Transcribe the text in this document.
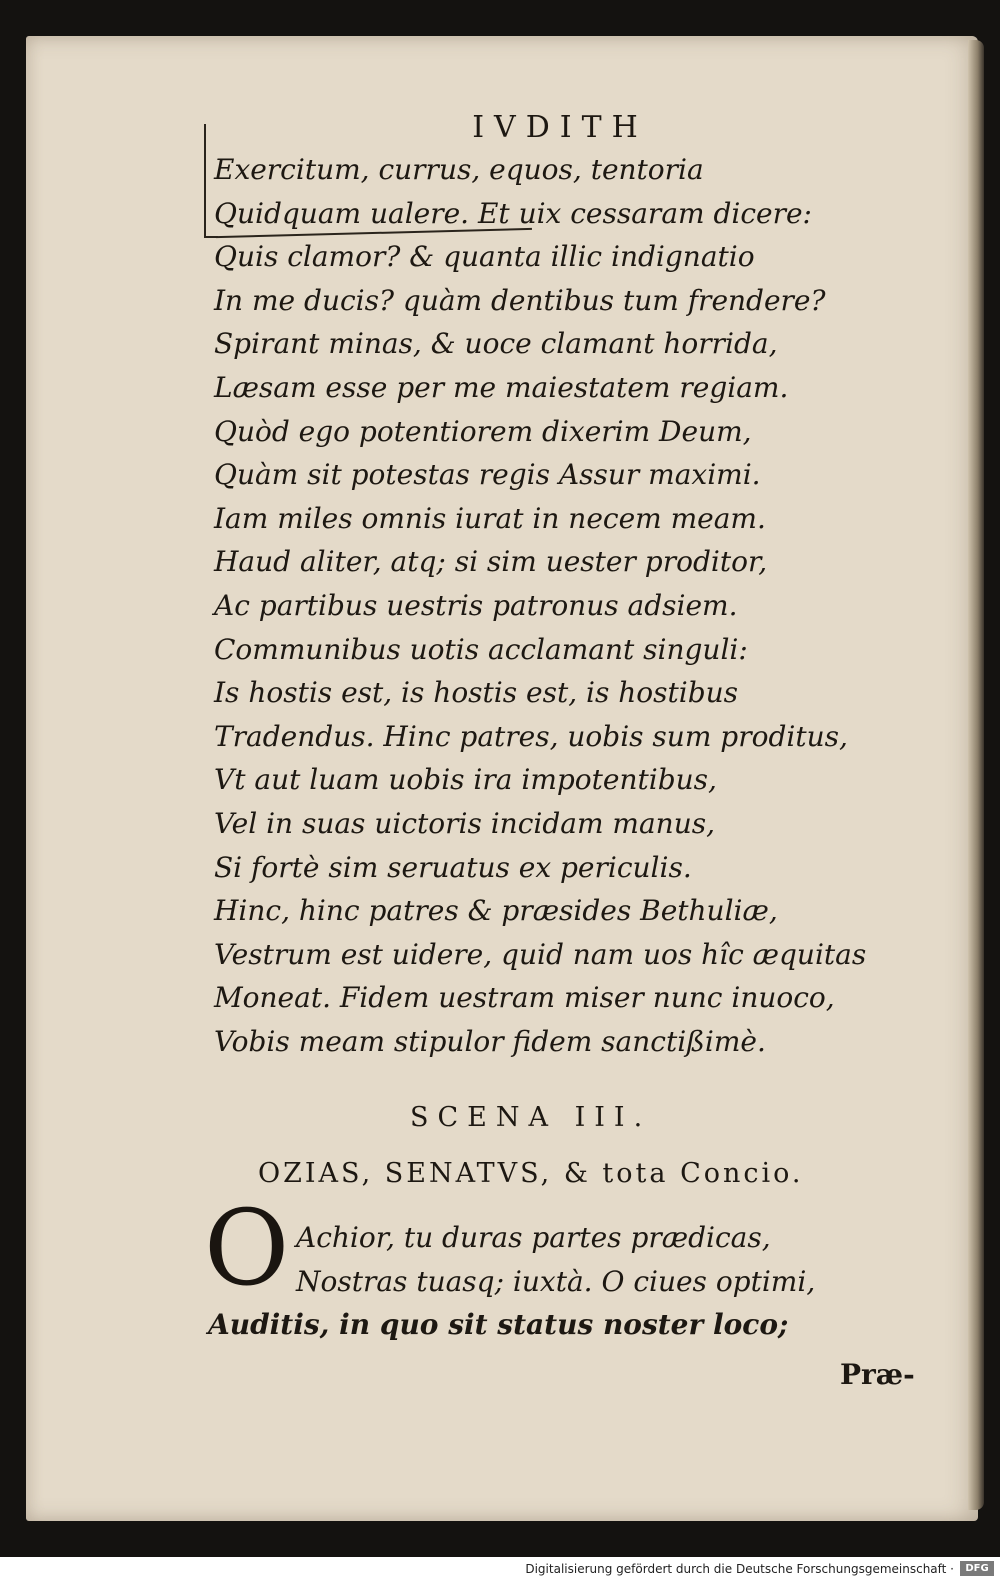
IVDITH
Exercitum, currus, equos, tentoria
Quidquam ualere. Et uix cessaram dicere:
Quis clamor? & quanta illic indignatio
In me ducis? quàm dentibus tum frendere?
Spirant minas, & uoce clamant horrida,
Læsam esse per me maiestatem regiam.
Quòd ego potentiorem dixerim Deum,
Quàm sit potestas regis Assur maximi.
Iam miles omnis iurat in necem meam.
Haud aliter, atq; si sim uester proditor,
Ac partibus uestris patronus adsiem.
Communibus uotis acclamant singuli:
Is hostis est, is hostis est, is hostibus
Tradendus. Hinc patres, uobis sum proditus,
Vt aut luam uobis ira impotentibus,
Vel in suas uictoris incidam manus,
Si fortè sim seruatus ex periculis.
Hinc, hinc patres & præsides Bethuliæ,
Vestrum est uidere, quid nam uos hîc æquitas
Moneat. Fidem uestram miser nunc inuoco,
Vobis meam stipulor fidem sanctißimè.
SCENA III.
OZIAS, SENATVS, & tota Concio.
O Achior, tu duras partes prædicas,
Nostras tuasq; iuxtà. O ciues optimi,
Auditis, in quo sit status noster loco;
Præ-
Digitalisierung gefördert durch die Deutsche Forschungsgemeinschaft ·	DFG
